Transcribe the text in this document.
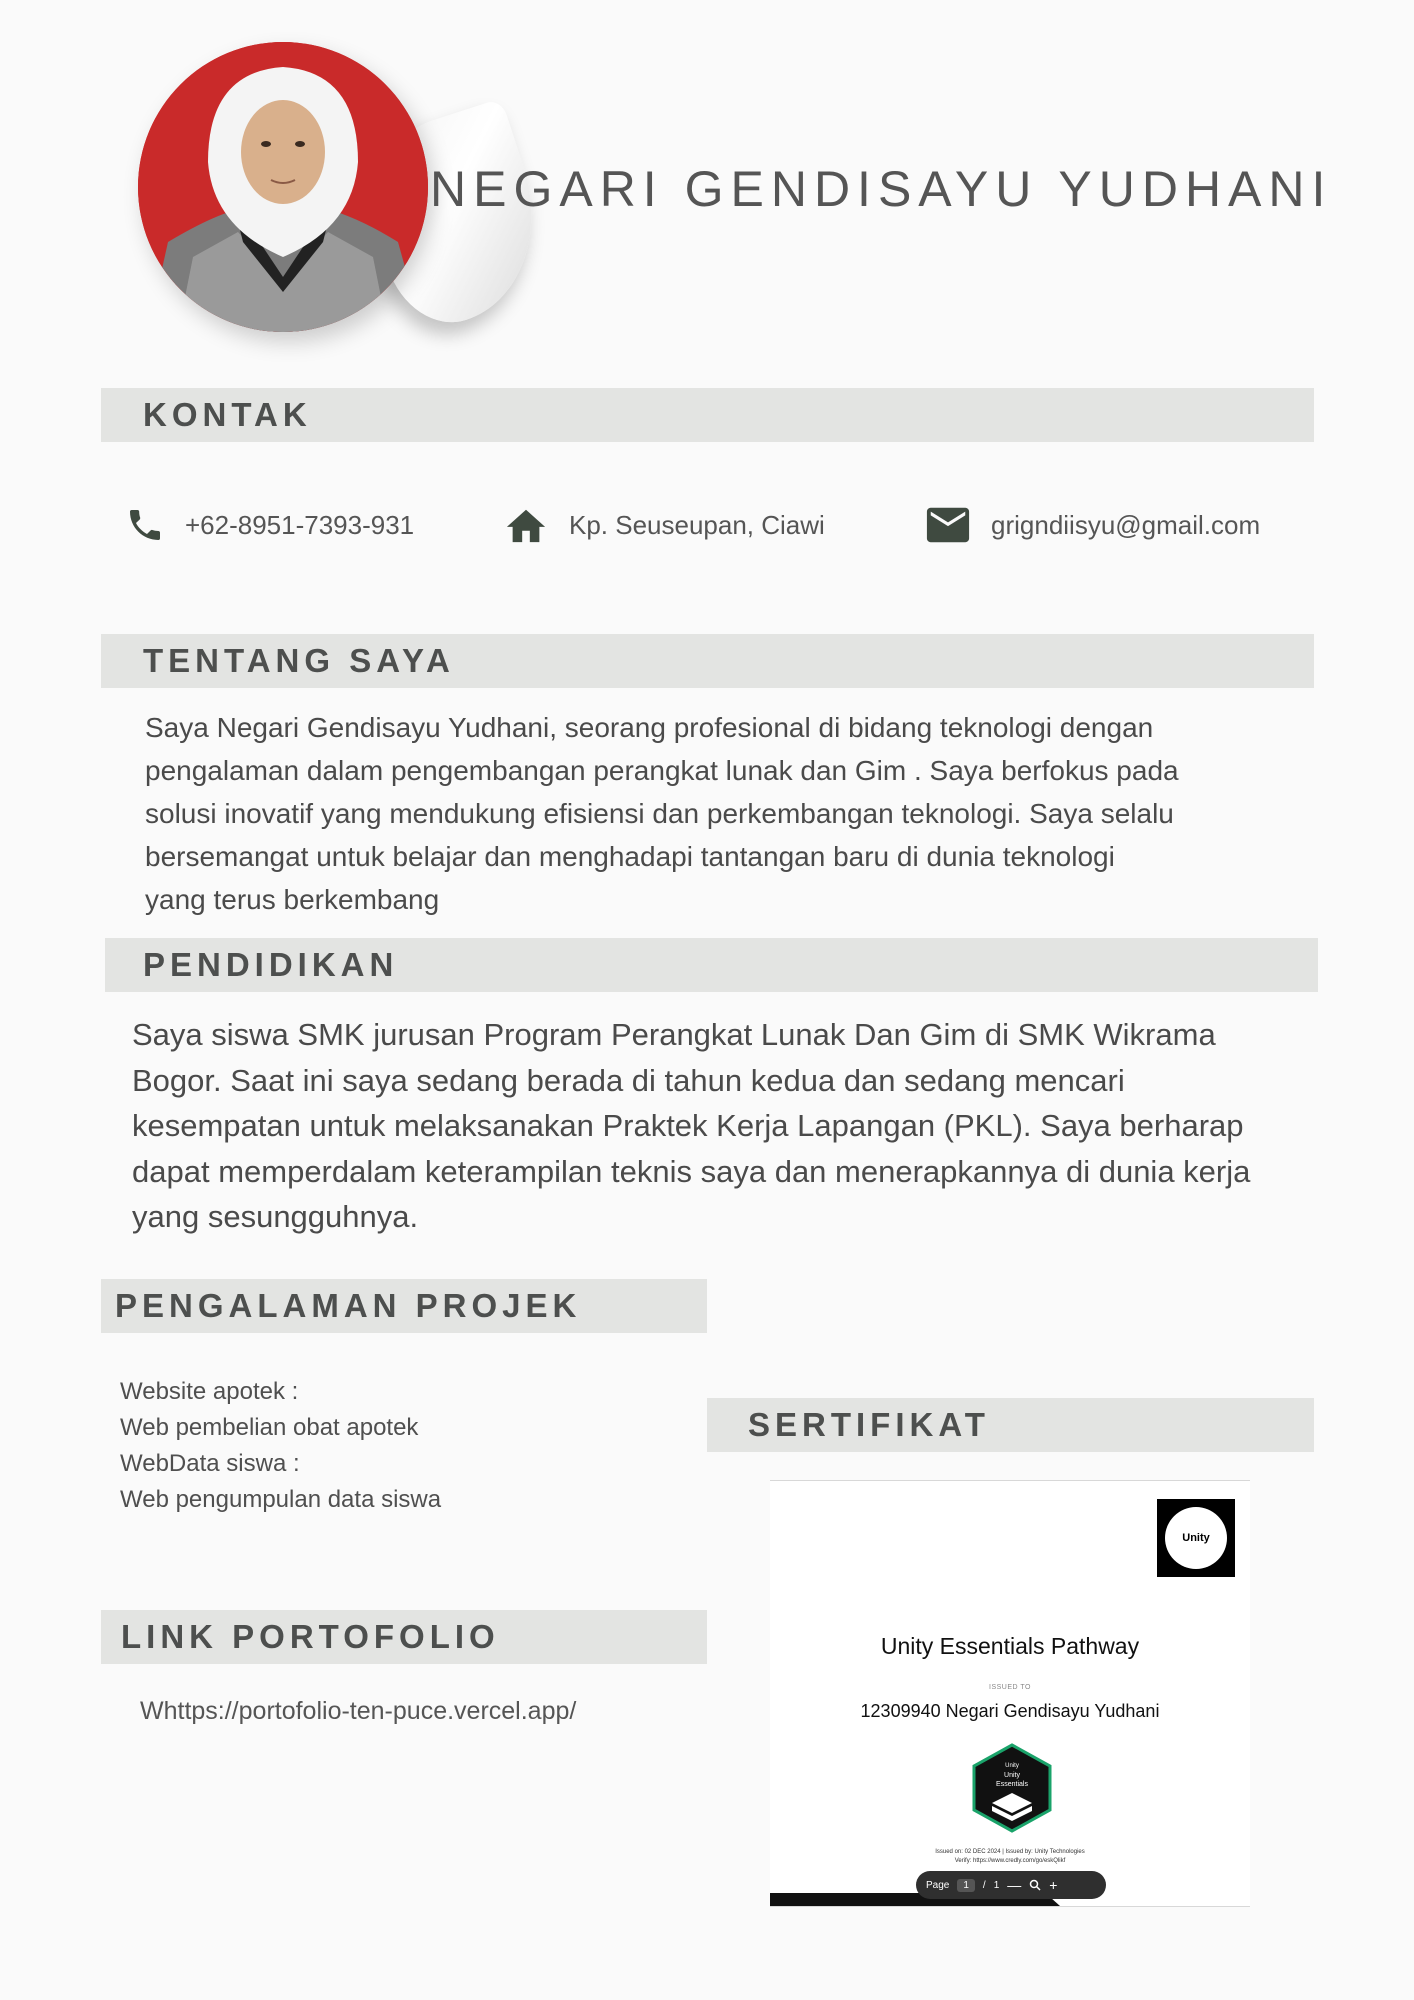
NEGARI GENDISAYU YUDHANI
KONTAK
+62-8951-7393-931	Kp. Seuseupan, Ciawi	grigndiisyu@gmail.com
TENTANG SAYA
Saya Negari Gendisayu Yudhani, seorang profesional di bidang teknologi dengan
pengalaman dalam pengembangan perangkat lunak dan Gim . Saya berfokus pada
solusi inovatif yang mendukung efisiensi dan perkembangan teknologi. Saya selalu
bersemangat untuk belajar dan menghadapi tantangan baru di dunia teknologi
yang terus berkembang
PENDIDIKAN
Saya siswa SMK jurusan Program Perangkat Lunak Dan Gim di SMK Wikrama
Bogor. Saat ini saya sedang berada di tahun kedua dan sedang mencari
kesempatan untuk melaksanakan Praktek Kerja Lapangan (PKL). Saya berharap
dapat memperdalam keterampilan teknis saya dan menerapkannya di dunia kerja
yang sesungguhnya.
PENGALAMAN PROJEK
Website apotek :
Web pembelian obat apotek
WebData siswa :
Web pengumpulan data siswa
SERTIFIKAT
Unity
Unity Essentials Pathway
ISSUED TO
12309940 Negari Gendisayu Yudhani
Unity
Unity
Essentials
Issued on: 02 DEC 2024 | Issued by: Unity Technologies
Verify: https://www.credly.com/go/eskQlikf
Page	1	/ 1 — +
LINK PORTOFOLIO
Whttps://portofolio-ten-puce.vercel.app/
